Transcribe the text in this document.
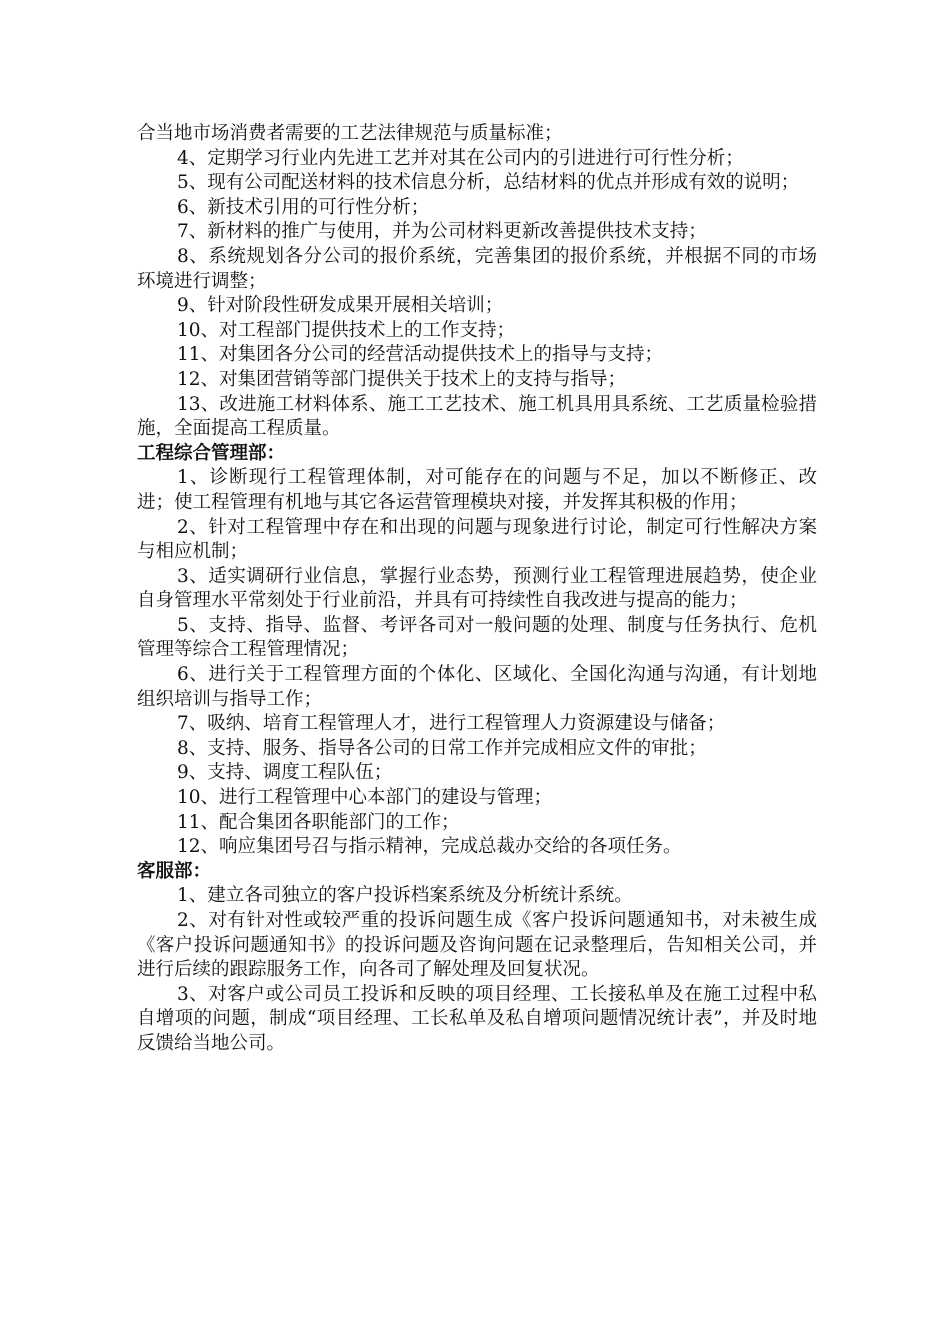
合当地市场消费者需要的工艺法律规范与质量标准；

4、定期学习行业内先进工艺并对其在公司内的引进进行可行性分析；

5、现有公司配送材料的技术信息分析，总结材料的优点并形成有效的说明；

6、新技术引用的可行性分析；

7、新材料的推广与使用，并为公司材料更新改善提供技术支持；

8、系统规划各分公司的报价系统，完善集团的报价系统，并根据不同的市场环境进行调整；

9、针对阶段性研发成果开展相关培训；

10、对工程部门提供技术上的工作支持；

11、对集团各分公司的经营活动提供技术上的指导与支持；

12、对集团营销等部门提供关于技术上的支持与指导；

13、改进施工材料体系、施工工艺技术、施工机具用具系统、工艺质量检验措施，全面提高工程质量。

工程综合管理部：

1、诊断现行工程管理体制，对可能存在的问题与不足，加以不断修正、改进；使工程管理有机地与其它各运营管理模块对接，并发挥其积极的作用；

2、针对工程管理中存在和出现的问题与现象进行讨论，制定可行性解决方案与相应机制；

3、适实调研行业信息，掌握行业态势，预测行业工程管理进展趋势，使企业自身管理水平常刻处于行业前沿，并具有可持续性自我改进与提高的能力；

5、支持、指导、监督、考评各司对一般问题的处理、制度与任务执行、危机管理等综合工程管理情况；

6、进行关于工程管理方面的个体化、区域化、全国化沟通与沟通，有计划地组织培训与指导工作；

7、吸纳、培育工程管理人才，进行工程管理人力资源建设与储备；

8、支持、服务、指导各公司的日常工作并完成相应文件的审批；

9、支持、调度工程队伍；

10、进行工程管理中心本部门的建设与管理；

11、配合集团各职能部门的工作；

12、响应集团号召与指示精神，完成总裁办交给的各项任务。

客服部：

1、建立各司独立的客户投诉档案系统及分析统计系统。

2、对有针对性或较严重的投诉问题生成《客户投诉问题通知书，对未被生成 《客户投诉问题通知书》的投诉问题及咨询问题在记录整理后，告知相关公司，并进行后续的跟踪服务工作，向各司了解处理及回复状况。

3、对客户或公司员工投诉和反映的项目经理、工长接私单及在施工过程中私自增项的问题，制成“项目经理、工长私单及私自增项问题情况统计表”，并及时地反馈给当地公司。
